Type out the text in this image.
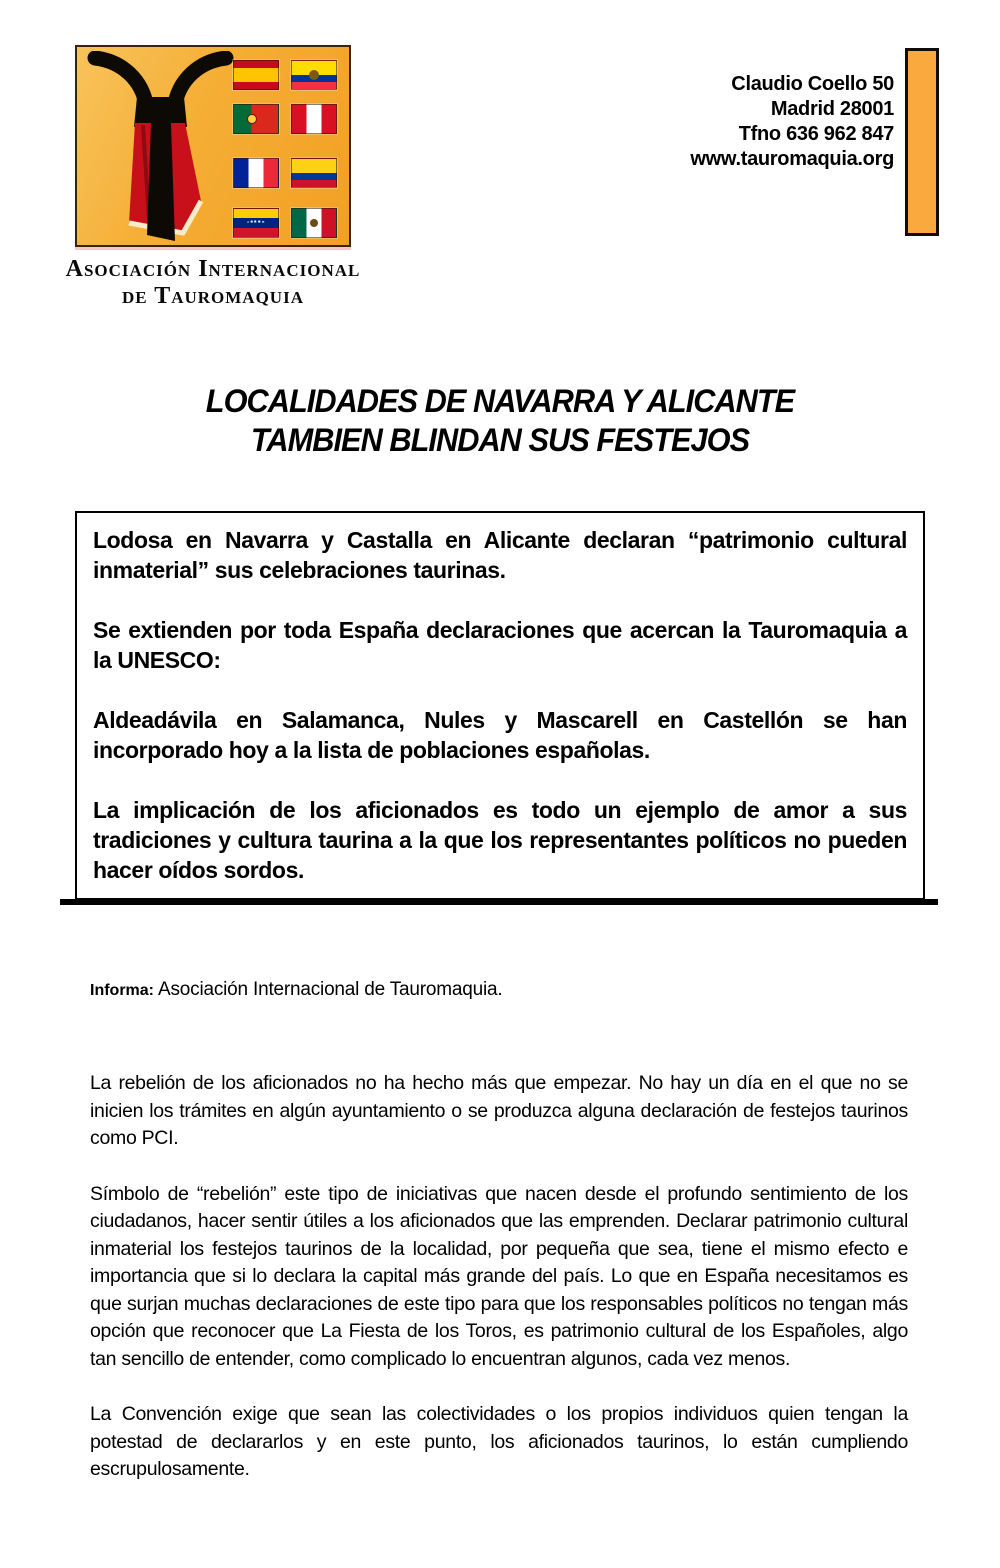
Asociación Internacional
de Tauromaquia
Claudio Coello 50
Madrid 28001
Tfno 636 962 847
www.tauromaquia.org
LOCALIDADES DE NAVARRA Y ALICANTE
TAMBIEN BLINDAN SUS FESTEJOS

Lodosa en Navarra y Castalla en Alicante declaran “patrimonio cultural inmaterial” sus celebraciones taurinas.

Se extienden por toda España declaraciones que acercan la Tauromaquia a la UNESCO:

Aldeadávila en Salamanca, Nules y Mascarell en Castellón se han incorporado hoy a la lista de poblaciones españolas.

La implicación de los aficionados es todo un ejemplo de amor a sus tradiciones y cultura taurina a la que los representantes políticos no pueden hacer oídos sordos.

Informa: Asociación Internacional de Tauromaquia.

La rebelión de los aficionados no ha hecho más que empezar. No hay un día en el que no se inicien los trámites en algún ayuntamiento o se produzca alguna declaración de festejos taurinos como PCI.

Símbolo de “rebelión” este tipo de iniciativas que nacen desde el profundo sentimiento de los ciudadanos, hacer sentir útiles a los aficionados que las emprenden. Declarar patrimonio cultural inmaterial los festejos taurinos de la localidad, por pequeña que sea, tiene el mismo efecto e importancia que si lo declara la capital más grande del país. Lo que en España necesitamos es que surjan muchas declaraciones de este tipo para que los responsables políticos no tengan más opción que reconocer que La Fiesta de los Toros, es patrimonio cultural de los Españoles, algo tan sencillo de entender, como complicado lo encuentran algunos, cada vez menos.

La Convención exige que sean las colectividades o los propios individuos quien tengan la potestad de declararlos y en este punto, los aficionados taurinos, lo están cumpliendo escrupulosamente.
